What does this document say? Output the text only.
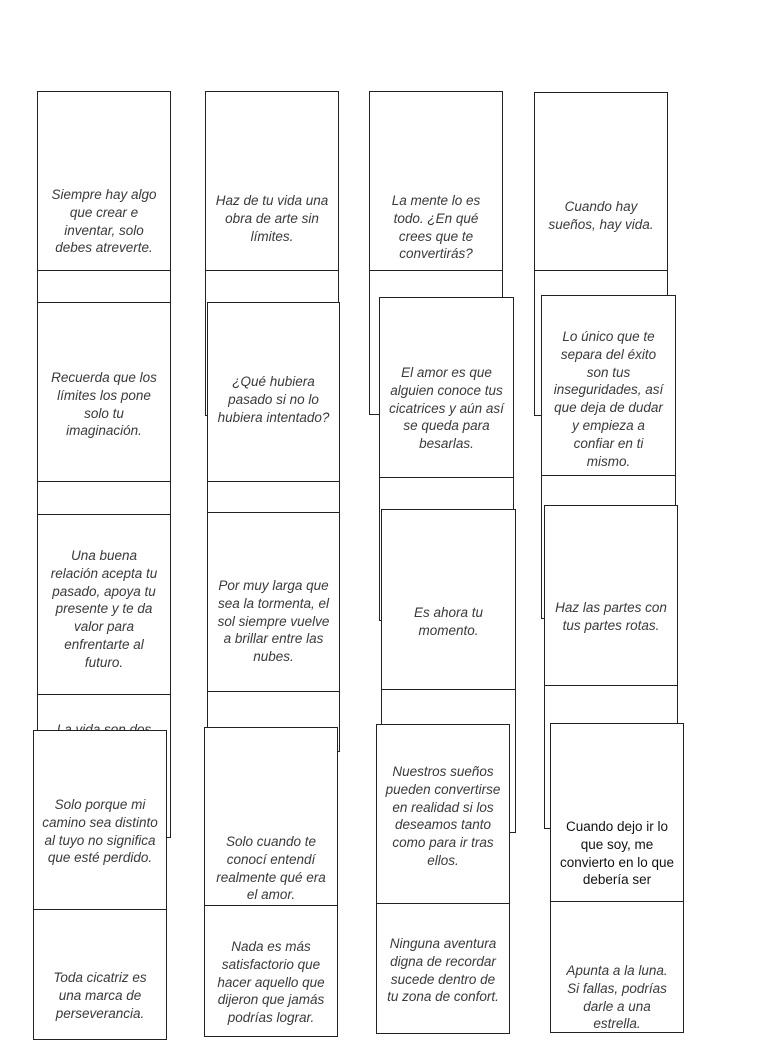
Siempre hay algo que crear e inventar, solo debes atreverte.
Haz de tu vida una obra de arte sin límites.
La mente lo es todo. ¿En qué crees que te convertirás?
Cuando hay sueños, hay vida.
Recuerda que los límites los pone solo tu imaginación.
¿Qué hubiera pasado si no lo hubiera intentado?
El amor es que alguien conoce tus cicatrices y aún así se queda para besarlas.
Lo único que te separa del éxito son tus inseguridades, así que deja de dudar y empieza a confiar en ti mismo.
Una buena relación acepta tu pasado, apoya tu presente y te da valor para enfrentarte al futuro.
Por muy larga que sea la tormenta, el sol siempre vuelve a brillar entre las nubes.
Es ahora tu momento.
Haz las partes con tus partes rotas.
Solo porque mi camino sea distinto al tuyo no significa que esté perdido.
Toda cicatriz es una marca de perseverancia.
Solo cuando te conocí entendí realmente qué era el amor.
Nada es más satisfactorio que hacer aquello que dijeron que jamás podrías lograr.
Nuestros sueños pueden convertirse en realidad si los deseamos tanto como para ir tras ellos.
Ninguna aventura digna de recordar sucede dentro de tu zona de confort.
Cuando dejo ir lo que soy, me convierto en lo que debería ser
Apunta a la luna. Si fallas, podrías darle a una estrella.
